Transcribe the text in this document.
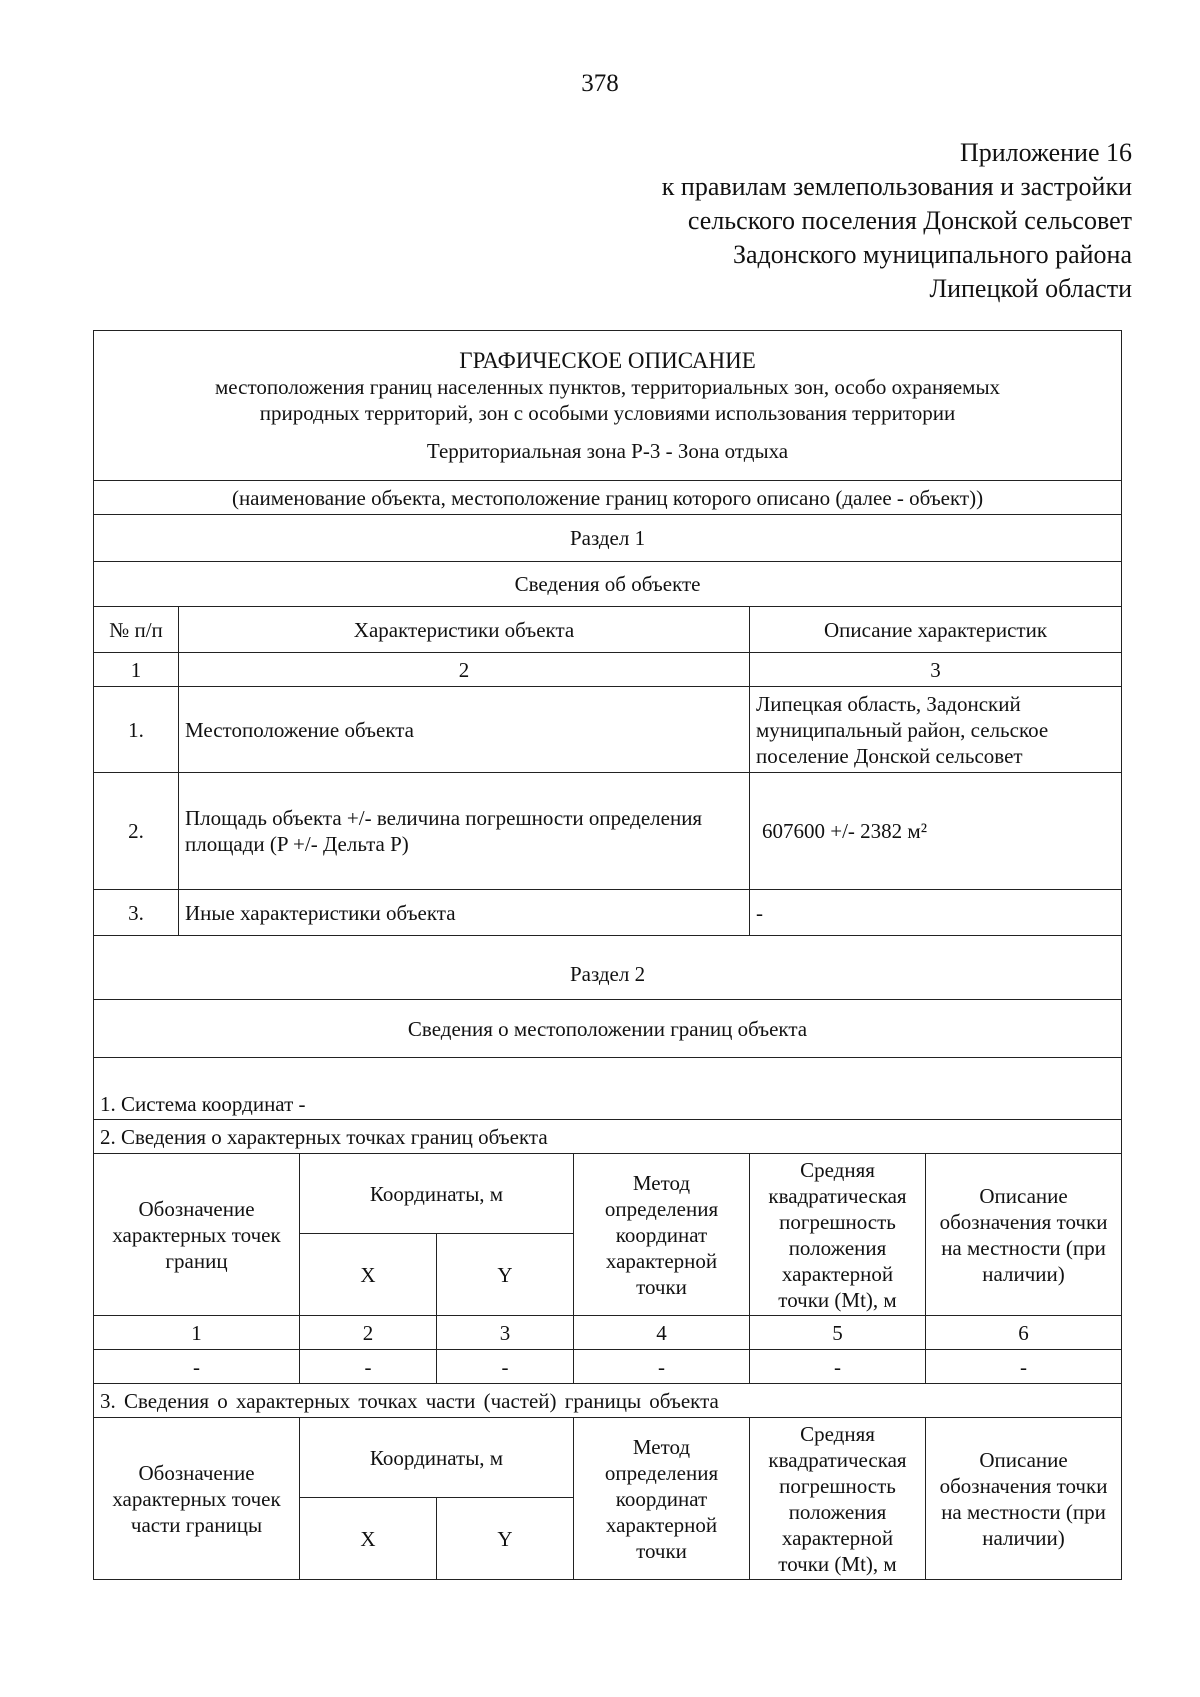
378
Приложение 16
к правилам землепользования и застройки
сельского поселения Донской сельсовет
Задонского муниципального района
Липецкой области
ГРАФИЧЕСКОЕ ОПИСАНИЕ
местоположения границ населенных пунктов, территориальных зон, особо охраняемых
природных территорий, зон с особыми условиями использования территории
Территориальная зона Р-3 - Зона отдыха						

(наименование объекта, местоположение границ которого описано (далее - объект))						
Раздел 1						
Сведения об объекте						
№ п/п	Характеристики объекта				Описание характеристик	
1	2				3	
1.	Местоположение объекта				Липецкая область, Задонский муниципальный район, сельское поселение Донской сельсовет	
2.	Площадь объекта +/- величина погрешности определения площади (P +/- Дельта P)				607600 +/- 2382 м²	
3.	Иные характеристики объекта				-	
Раздел 2						
Сведения о местоположении границ объекта						
1. Система координат -						
2. Сведения о характерных точках границ объекта						
Обозначение характерных точек границ		Координаты, м		Метод определения координат характерной точки	Средняя квадратическая погрешность положения характерной точки (Mt), м	Описание обозначения точки на местности (при наличии)
		X	Y			
1		2	3	4	5	6
-		-	-	-	-	-
3. Сведения о характерных точках части (частей) границы объекта						
Обозначение характерных точек части границы		Координаты, м		Метод определения координат характерной точки	Средняя квадратическая погрешность положения характерной точки (Mt), м	Описание обозначения точки на местности (при наличии)
		X	Y			
